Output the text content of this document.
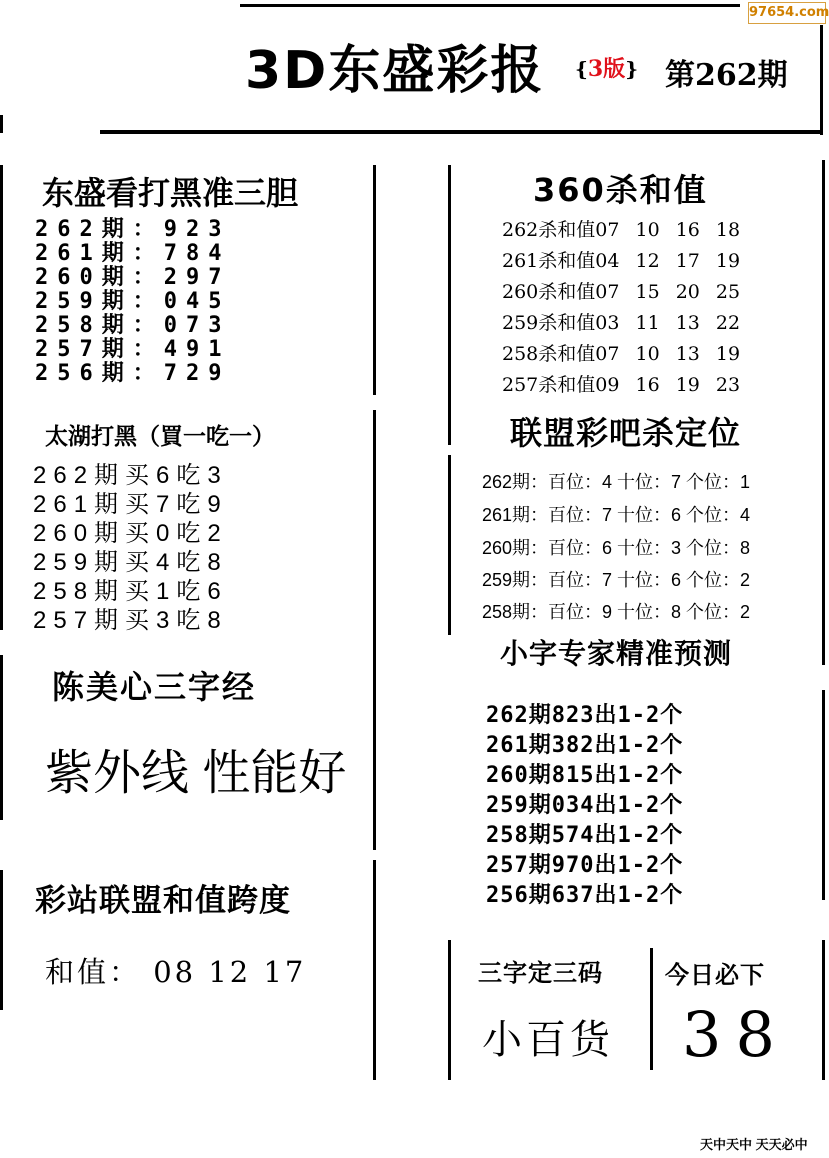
97654.com
3D东盛彩报 {3版} 第262期
东盛看打黑准三胆
262期：923
261期：784
260期：297
259期：045
258期：073
257期：491
256期：729
太湖打黑（買一吃一）
262期买6吃3
261期买7吃9
260期买0吃2
259期买4吃8
258期买1吃6
257期买3吃8
陈美心三字经
紫外线 性能好
彩站联盟和值跨度
和值： 08 12 17
360杀和值
262杀和值07 10 16 18
261杀和值04 12 17 19
260杀和值07 15 20 25
259杀和值03 11 13 22
258杀和值07 10 13 19
257杀和值09 16 19 23
联盟彩吧杀定位
262期：百位：4 十位：7 个位：1
261期：百位：7 十位：6 个位：4
260期：百位：6 十位：3 个位：8
259期：百位：7 十位：6 个位：2
258期：百位：9 十位：8 个位：2
小字专家精准预测
262期823出1-2个
261期382出1-2个
260期815出1-2个
259期034出1-2个
258期574出1-2个
257期970出1-2个
256期637出1-2个
三字定三码
小百货
今日必下
38
天中天中 天天必中
